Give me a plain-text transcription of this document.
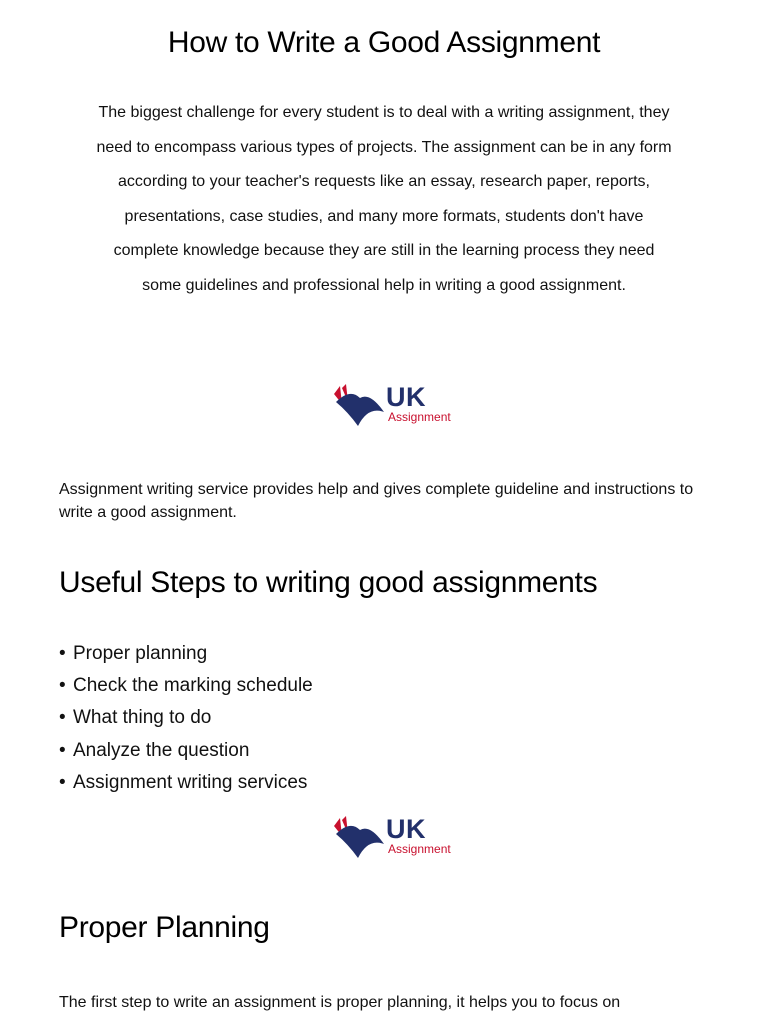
How to Write a Good Assignment

The biggest challenge for every student is to deal with a writing assignment, they need to encompass various types of projects. The assignment can be in any form according to your teacher's requests like an essay, research paper, reports, presentations, case studies, and many more formats, students don't have complete knowledge because they are still in the learning process they need some guidelines and professional help in writing a good assignment.

UK
Assignment

Assignment writing service provides help and gives complete guideline and instructions to write a good assignment.

Useful Steps to writing good assignments
• Proper planning
• Check the marking schedule
• What thing to do
• Analyze the question
• Assignment writing services
UK
Assignment
Proper Planning

The first step to write an assignment is proper planning, it helps you to focus on
